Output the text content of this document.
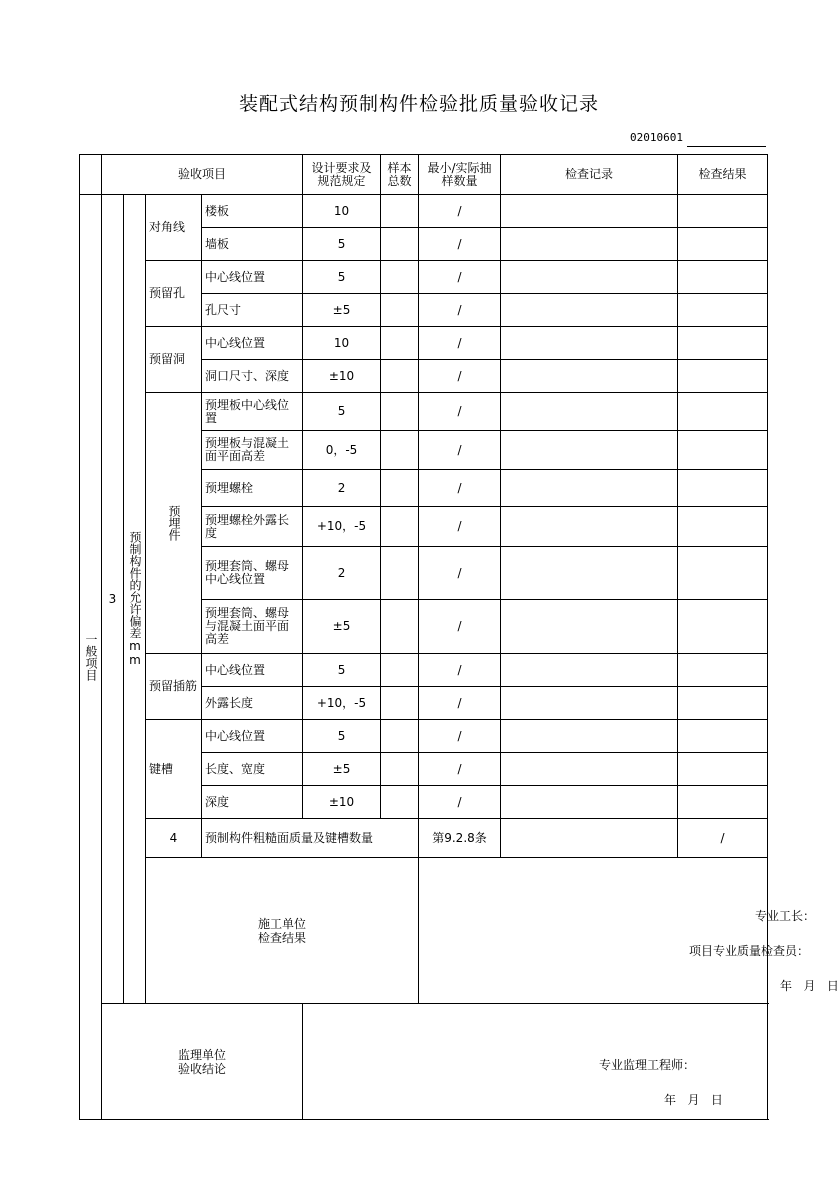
装配式结构预制构件检验批质量验收记录
02010601
	验收项目				设计要求及规范规定	样本总数	最小/实际抽样数量	检查记录	检查结果	

一般项目	3	预制构件的允许偏差mm	对角线	楼板	10		/			
				墙板	5		/			
			预留孔	中心线位置	5		/			
				孔尺寸	±5		/			
			预留洞	中心线位置	10		/			
				洞口尺寸、深度	±10		/			

			预埋件	预埋板中心线位置	5		/			
				预埋板与混凝土面平面高差	0，-5		/			
				预埋螺栓	2		/			
				预埋螺栓外露长度	+10，-5		/			
				预埋套筒、螺母中心线位置	2		/			
				预埋套筒、螺母与混凝土面平面高差	±5		/			
			预留插筋	中心线位置	5		/			
				外露长度	+10，-5		/			
			键槽	中心线位置	5		/			
				长度、宽度	±5		/			
				深度	±10		/			
			4	预制构件粗糙面质量及键槽数量			第9.2.8条		/		

			施工单位
检查结果				专业工长：
项目专业质量检查员：
年   月   日			

	监理单位
验收结论				专业监理工程师：
年   月   日					
